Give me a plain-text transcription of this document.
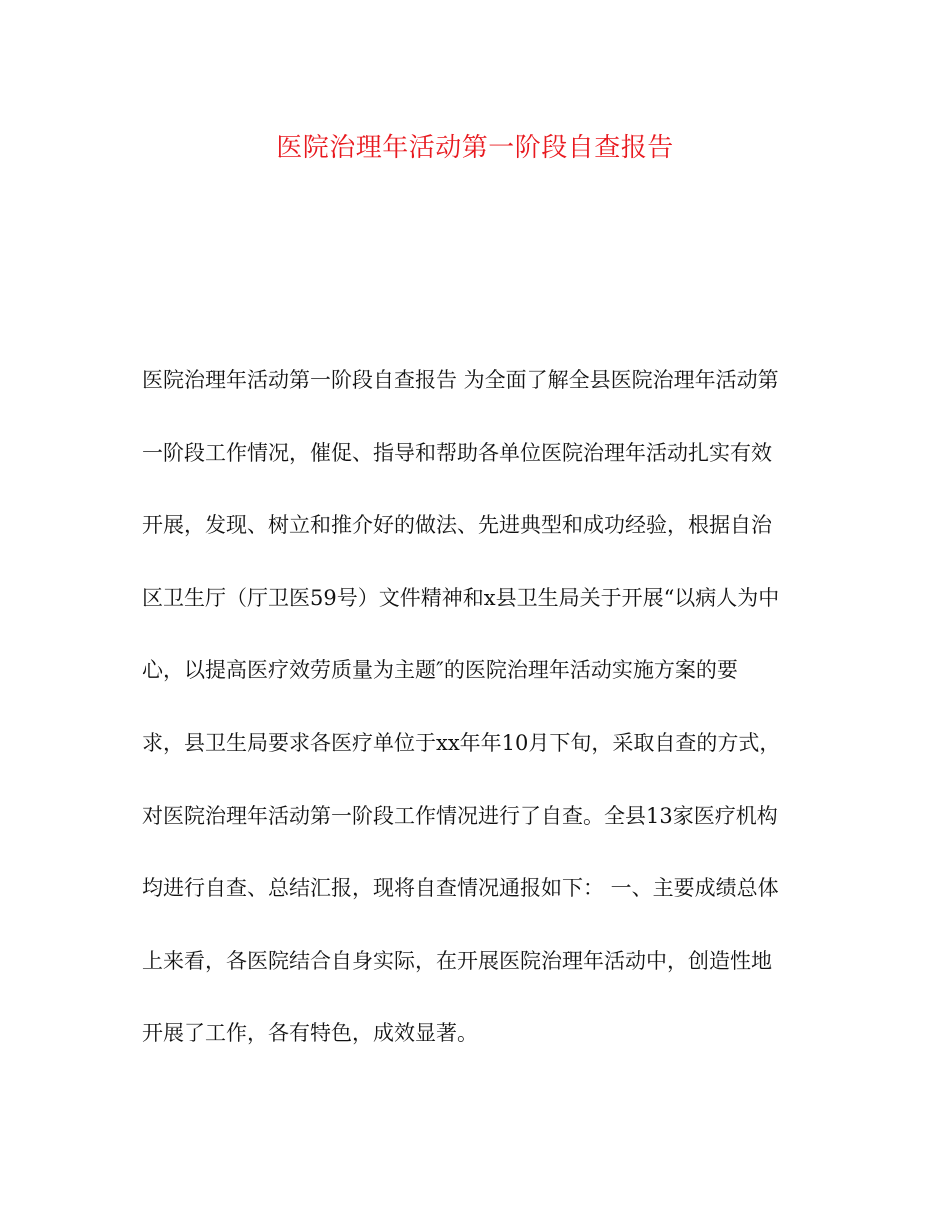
医院治理年活动第一阶段自查报告
医院治理年活动第一阶段自查报告 为全面了解全县医院治理年活动第
一阶段工作情况，催促、指导和帮助各单位医院治理年活动扎实有效
开展，发现、树立和推介好的做法、先进典型和成功经验，根据自治
区卫生厅（厅卫医59号）文件精神和x县卫生局关于开展“以病人为中
心，以提高医疗效劳质量为主题″的医院治理年活动实施方案的要
求，县卫生局要求各医疗单位于xx年年10月下旬，采取自查的方式，
对医院治理年活动第一阶段工作情况进行了自查。全县13家医疗机构
均进行自查、总结汇报，现将自查情况通报如下： 一、主要成绩总体
上来看，各医院结合自身实际，在开展医院治理年活动中，创造性地
开展了工作，各有特色，成效显著。
